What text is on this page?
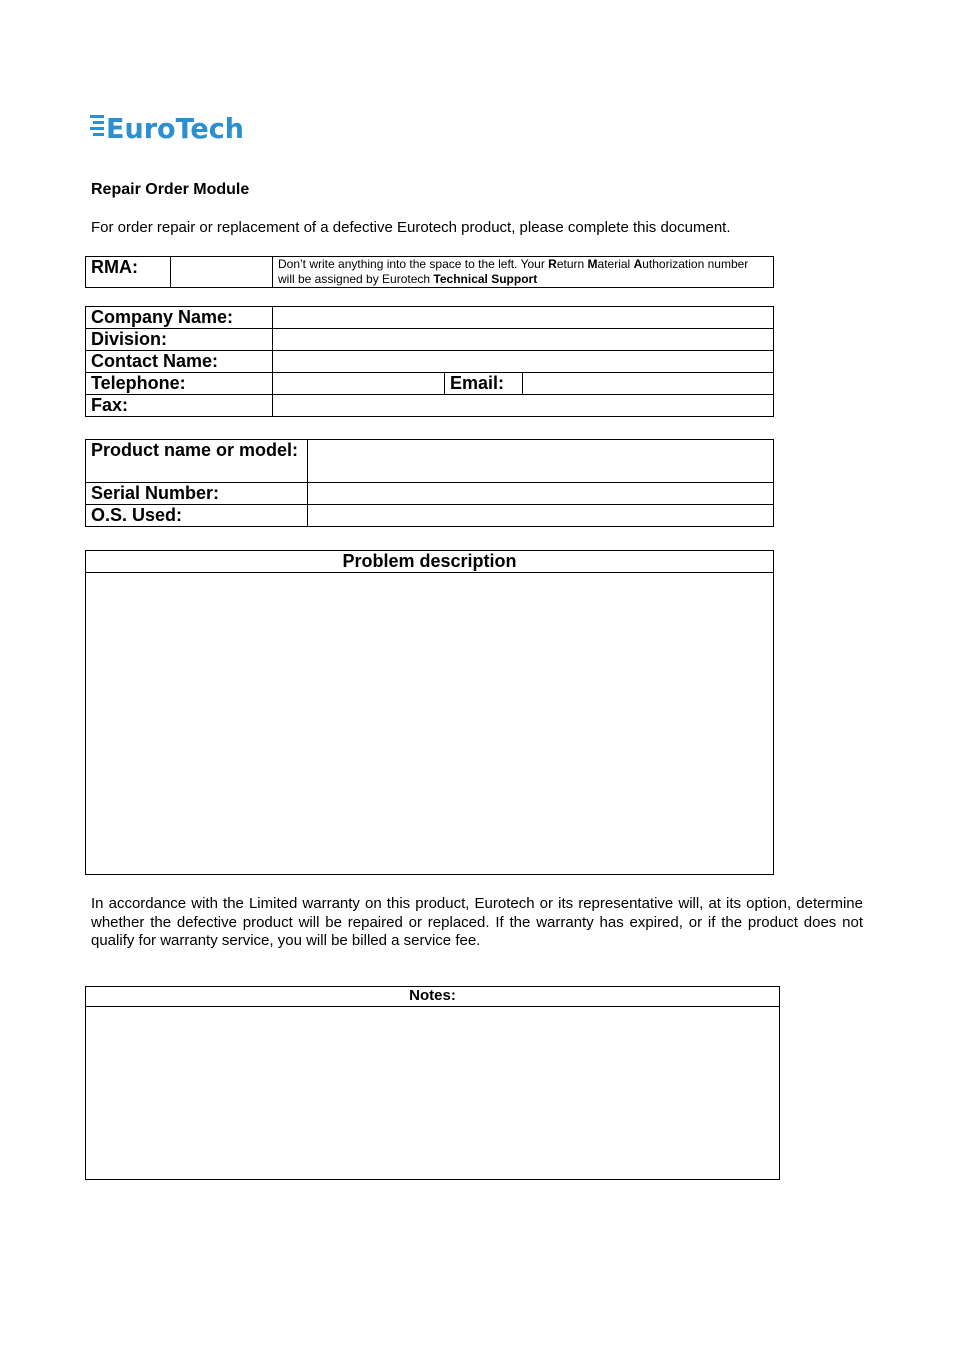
EuroTech
Repair Order Module
For order repair or replacement of a defective Eurotech product, please complete this document.
RMA:		Don’t write anything into the space to the left. Your Return Material Authorization number will be assigned by Eurotech Technical Support
Company Name:			
Division:			
Contact Name:			
Telephone:		Email:	
Fax:			
Product name or model:	
Serial Number:	
O.S. Used:	
Problem description

In accordance with the Limited warranty on this product, Eurotech or its representative will, at its option, determine whether the defective product will be repaired or replaced. If the warranty has expired, or if the product does not qualify for warranty service, you will be billed a service fee.
Notes:
